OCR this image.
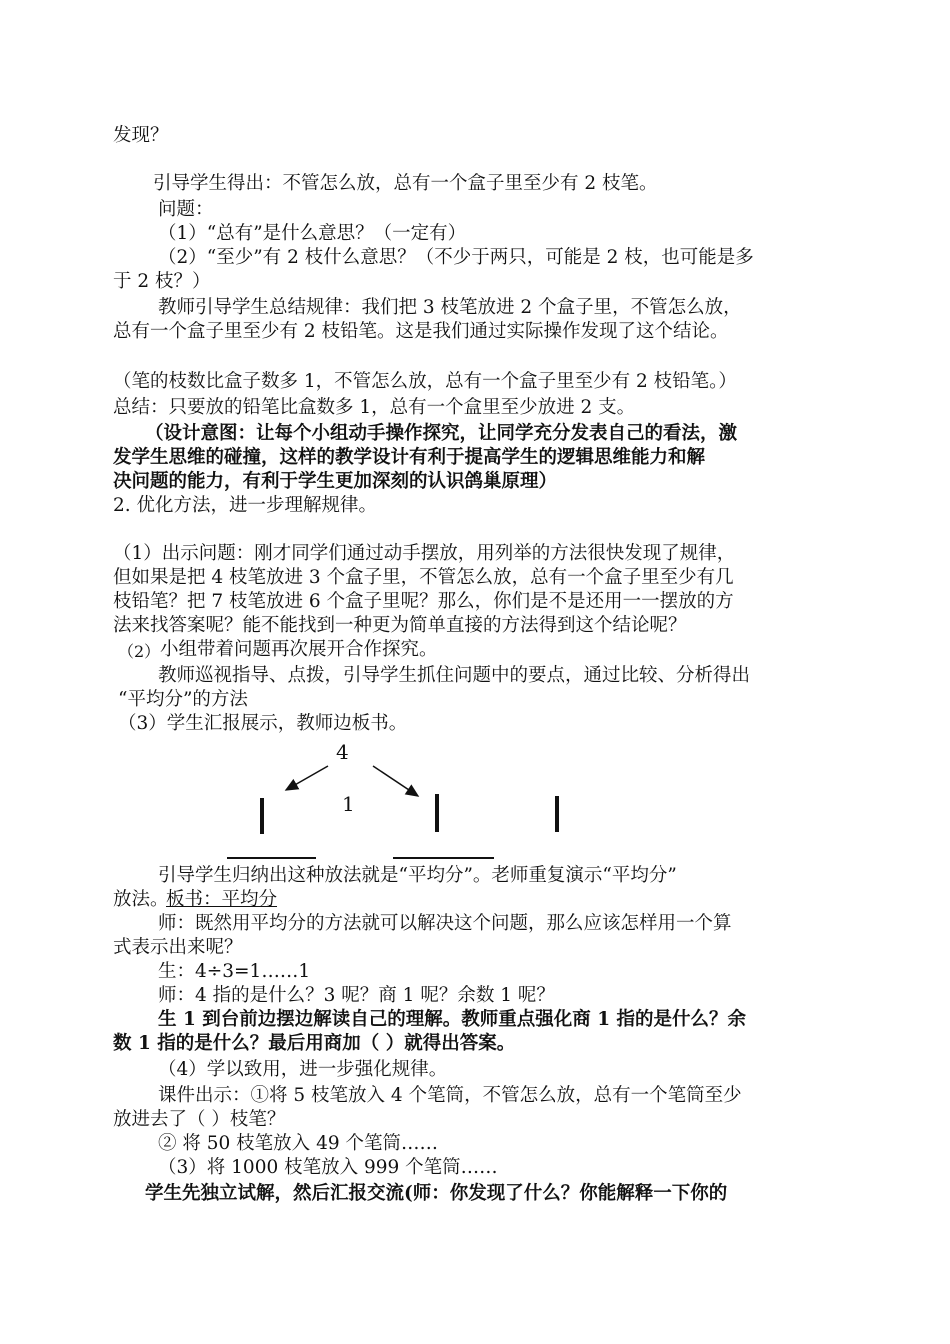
发现？
引导学生得出：不管怎么放，总有一个盒子里至少有 2 枝笔。
问题：
（1）“总有”是什么意思？（一定有）
（2）“至少”有 2 枝什么意思？（不少于两只，可能是 2 枝，也可能是多
于 2 枝？）
教师引导学生总结规律：我们把 3 枝笔放进 2 个盒子里，不管怎么放，
总有一个盒子里至少有 2 枝铅笔。这是我们通过实际操作发现了这个结论。
（笔的枝数比盒子数多 1，不管怎么放，总有一个盒子里至少有 2 枝铅笔。）
总结：只要放的铅笔比盒数多 1，总有一个盒里至少放进 2 支。
（设计意图：让每个小组动手操作探究，让同学充分发表自己的看法，激
发学生思维的碰撞，这样的教学设计有利于提高学生的逻辑思维能力和解
决问题的能力，有利于学生更加深刻的认识鸽巢原理）
2. 优化方法，进一步理解规律。
（1）出示问题：刚才同学们通过动手摆放，用列举的方法很快发现了规律，
但如果是把 4 枝笔放进 3 个盒子里，不管怎么放，总有一个盒子里至少有几
枝铅笔？把 7 枝笔放进 6 个盒子里呢？那么，你们是不是还用一一摆放的方
法来找答案呢？能不能找到一种更为简单直接的方法得到这个结论呢？
（2） 小组带着问题再次展开合作探究。
教师巡视指导、点拨，引导学生抓住问题中的要点，通过比较、分析得出
“平均分”的方法
（3）学生汇报展示，教师边板书。
4
1
引导学生归纳出这种放法就是“平均分”。老师重复演示“平均分”
放法。
板书：平均分
师：既然用平均分的方法就可以解决这个问题，那么应该怎样用一个算
式表示出来呢？
生：4÷3=1……1
师：4 指的是什么？3 呢？商 1 呢？余数 1 呢？
生 1 到台前边摆边解读自己的理解。教师重点强化商 1 指的是什么？余
数 1 指的是什么？最后用商加（ ）就得出答案。
（4）学以致用，进一步强化规律。
课件出示：①将 5 枝笔放入 4 个笔筒，不管怎么放，总有一个笔筒至少
放进去了（ ）枝笔？
② 将 50 枝笔放入 49 个笔筒……
（3）将 1000 枝笔放入 999 个笔筒……
学生先独立试解，然后汇报交流(师：你发现了什么？你能解释一下你的
